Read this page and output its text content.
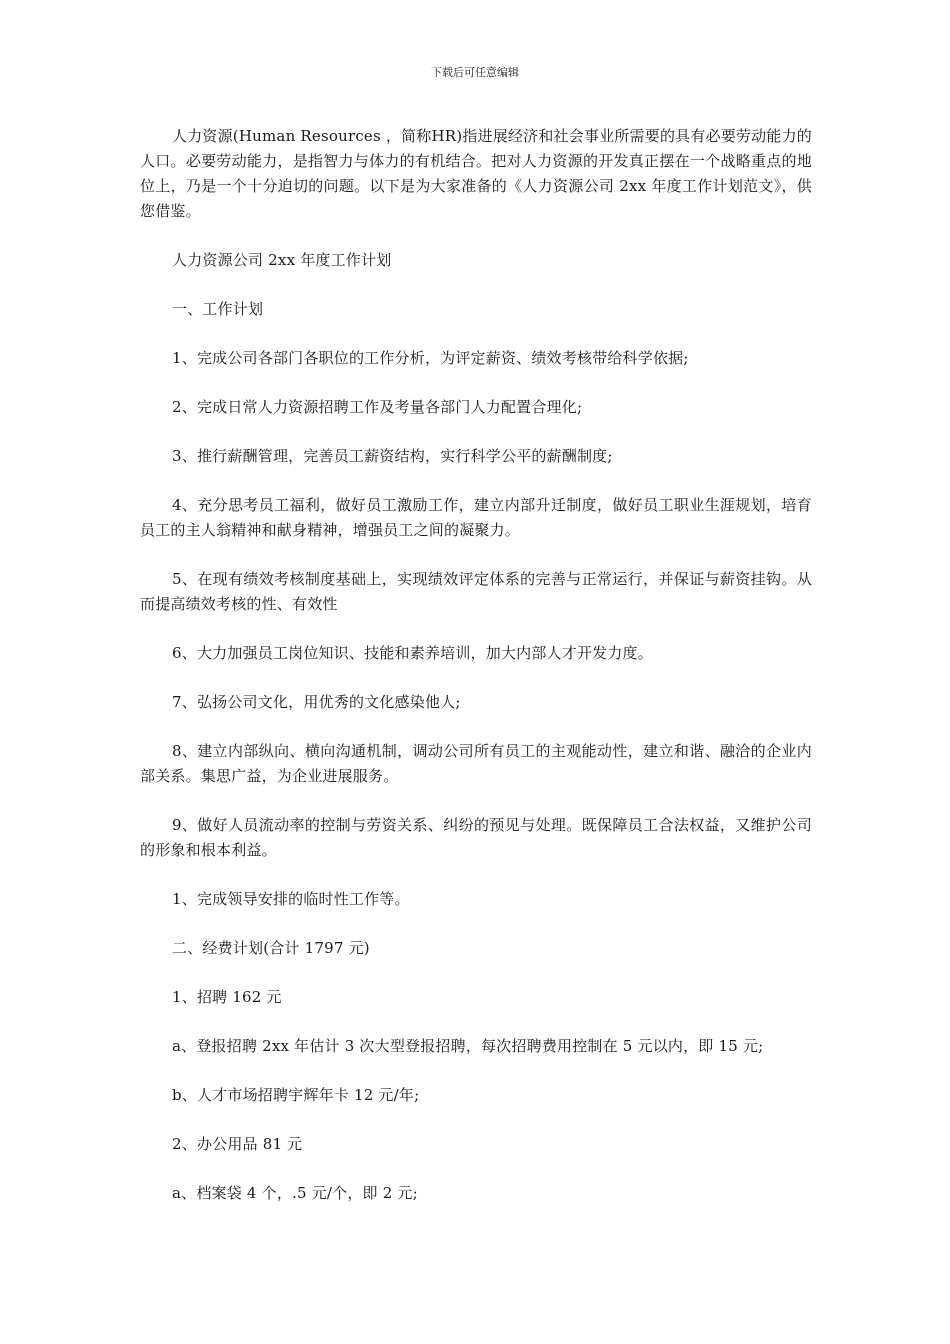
下载后可任意编辑

人力资源(Human Resources ，简称HR)指进展经济和社会事业所需要的具有必要劳动能力的人口。必要劳动能力，是指智力与体力的有机结合。把对人力资源的开发真正摆在一个战略重点的地位上，乃是一个十分迫切的问题。以下是为大家准备的《人力资源公司 2xx 年度工作计划范文》，供您借鉴。

人力资源公司 2xx 年度工作计划

一、工作计划

1、完成公司各部门各职位的工作分析，为评定薪资、绩效考核带给科学依据;

2、完成日常人力资源招聘工作及考量各部门人力配置合理化;

3、推行薪酬管理，完善员工薪资结构，实行科学公平的薪酬制度;

4、充分思考员工福利，做好员工激励工作，建立内部升迁制度，做好员工职业生涯规划，培育员工的主人翁精神和献身精神，增强员工之间的凝聚力。

5、在现有绩效考核制度基础上，实现绩效评定体系的完善与正常运行，并保证与薪资挂钩。从而提高绩效考核的性、有效性

6、大力加强员工岗位知识、技能和素养培训，加大内部人才开发力度。

7、弘扬公司文化，用优秀的文化感染他人;

8、建立内部纵向、横向沟通机制，调动公司所有员工的主观能动性，建立和谐、融洽的企业内部关系。集思广益，为企业进展服务。

9、做好人员流动率的控制与劳资关系、纠纷的预见与处理。既保障员工合法权益，又维护公司的形象和根本利益。

1、完成领导安排的临时性工作等。

二、经费计划(合计 1797 元)

1、招聘 162 元

a、登报招聘 2xx 年估计 3 次大型登报招聘，每次招聘费用控制在 5 元以内，即 15 元;

b、人才市场招聘宇辉年卡 12 元/年;

2、办公用品 81 元

a、档案袋 4 个，.5 元/个，即 2 元;
